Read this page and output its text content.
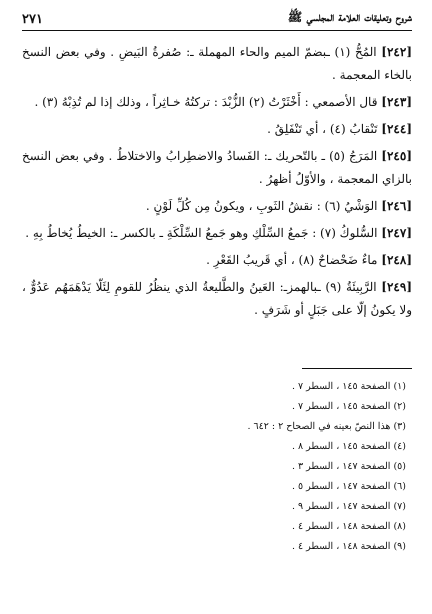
شروح وتعليقات العلامة المجلسي ﷺ
٢٧١

[٢٤٢] المُحُّ (١) ـبضمّ الميم والحاء المهملة ـ: صُفرةُ البَيضِ . وفي بعض النسخ بالخاء المعجمة .

[٢٤٣] قال الأصمعي : أَخْثَرْتُ (٢) الزُّبْدَ : تركتُهُ خـاثِراً ، وذلك إذا لم تُذِبْهُ (٣) .

[٢٤٤] تَنْقابُ (٤) ، أي تَنْفَلِقُ .

[٢٤٥] المَرَجُ (٥) ـ بالتّحريك ـ: الفَسادُ والاضطِرابُ والاختلاطُ . وفي بعض النسخ بالزاي المعجمة ، والأوّلُ أظهرُ .

[٢٤٦] الوَشْيُ (٦) : نقشُ الثَوبِ ، ويكونُ مِن كُلِّ لَوْنٍ .

[٢٤٧] السُّلوكُ (٧) : جَمعُ السِّلْكِ وهو جَمعُ السِّلْكَةِ ـ بالكسر ـ: الخيطُ يُخاطُ بِهِ .

[٢٤٨] ماءٌ ضَحْضاحٌ (٨) ، أي قَريبُ القَعْرِ .

[٢٤٩] الرَّبِيئَةُ (٩) ـبالهمزـ: العَينُ والطَّليعةُ الذي ينظُرُ للقومِ لِئَلّا يَدْهَمَهُم عَدُوٌّ ، ولا يكونُ إلّا على جَبَلٍ أو شَرَفٍ .

(١) الصفحة ١٤٥ ، السطر ٧ .

(٢) الصفحة ١٤٥ ، السطر ٧ .

(٣) هذا النصّ بعينه في الصحاح ٢ : ٦٤٢ .

(٤) الصفحة ١٤٥ ، السطر ٨ .

(٥) الصفحة ١٤٧ ، السطر ٣ .

(٦) الصفحة ١٤٧ ، السطر ٥ .

(٧) الصفحة ١٤٧ ، السطر ٩ .

(٨) الصفحة ١٤٨ ، السطر ٤ .

(٩) الصفحة ١٤٨ ، السطر ٤ .
